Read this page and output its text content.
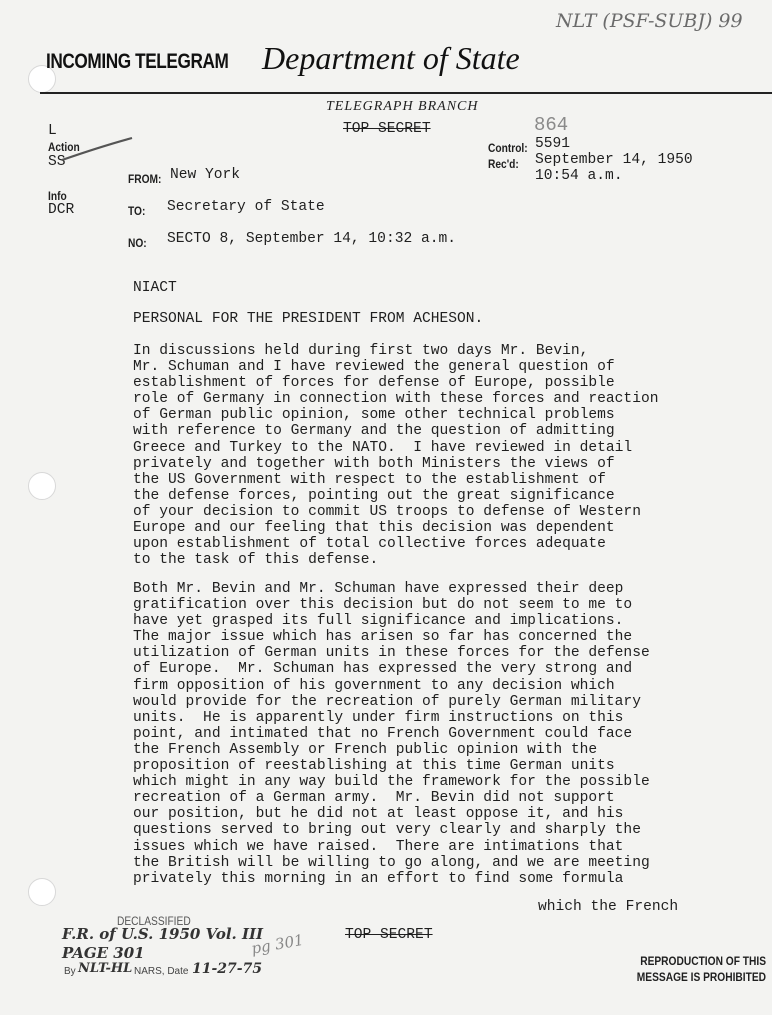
NLT (PSF-SUBJ) 99
INCOMING TELEGRAM Department of State
TELEGRAPH BRANCH
TOP SECRET	864
L
Action
SS
Info
DCR
Control: 5591
Rec'd: September 14, 1950
10:54 a.m.
FROM: New York
TO: Secretary of State
NO: SECTO 8, September 14, 10:32 a.m.
NIACT
PERSONAL FOR THE PRESIDENT FROM ACHESON.
In discussions held during first two days Mr. Bevin,
Mr. Schuman and I have reviewed the general question of
establishment of forces for defense of Europe, possible
role of Germany in connection with these forces and reaction
of German public opinion, some other technical problems
with reference to Germany and the question of admitting
Greece and Turkey to the NATO.  I have reviewed in detail
privately and together with both Ministers the views of
the US Government with respect to the establishment of
the defense forces, pointing out the great significance
of your decision to commit US troops to defense of Western
Europe and our feeling that this decision was dependent
upon establishment of total collective forces adequate
to the task of this defense.
Both Mr. Bevin and Mr. Schuman have expressed their deep
gratification over this decision but do not seem to me to
have yet grasped its full significance and implications.
The major issue which has arisen so far has concerned the
utilization of German units in these forces for the defense
of Europe.  Mr. Schuman has expressed the very strong and
firm opposition of his government to any decision which
would provide for the recreation of purely German military
units.  He is apparently under firm instructions on this
point, and intimated that no French Government could face
the French Assembly or French public opinion with the
proposition of reestablishing at this time German units
which might in any way build the framework for the possible
recreation of a German army.  Mr. Bevin did not support
our position, but he did not at least oppose it, and his
questions served to bring out very clearly and sharply the
issues which we have raised.  There are intimations that
the British will be willing to go along, and we are meeting
privately this morning in an effort to find some formula
which the French
TOP SECRET
DECLASSIFIED
F.R. of U.S. 1950 Vol. III
PAGE 301
By NLT-HL NARS, Date 11-27-75
pg 301
REPRODUCTION OF THIS
MESSAGE IS PROHIBITED
